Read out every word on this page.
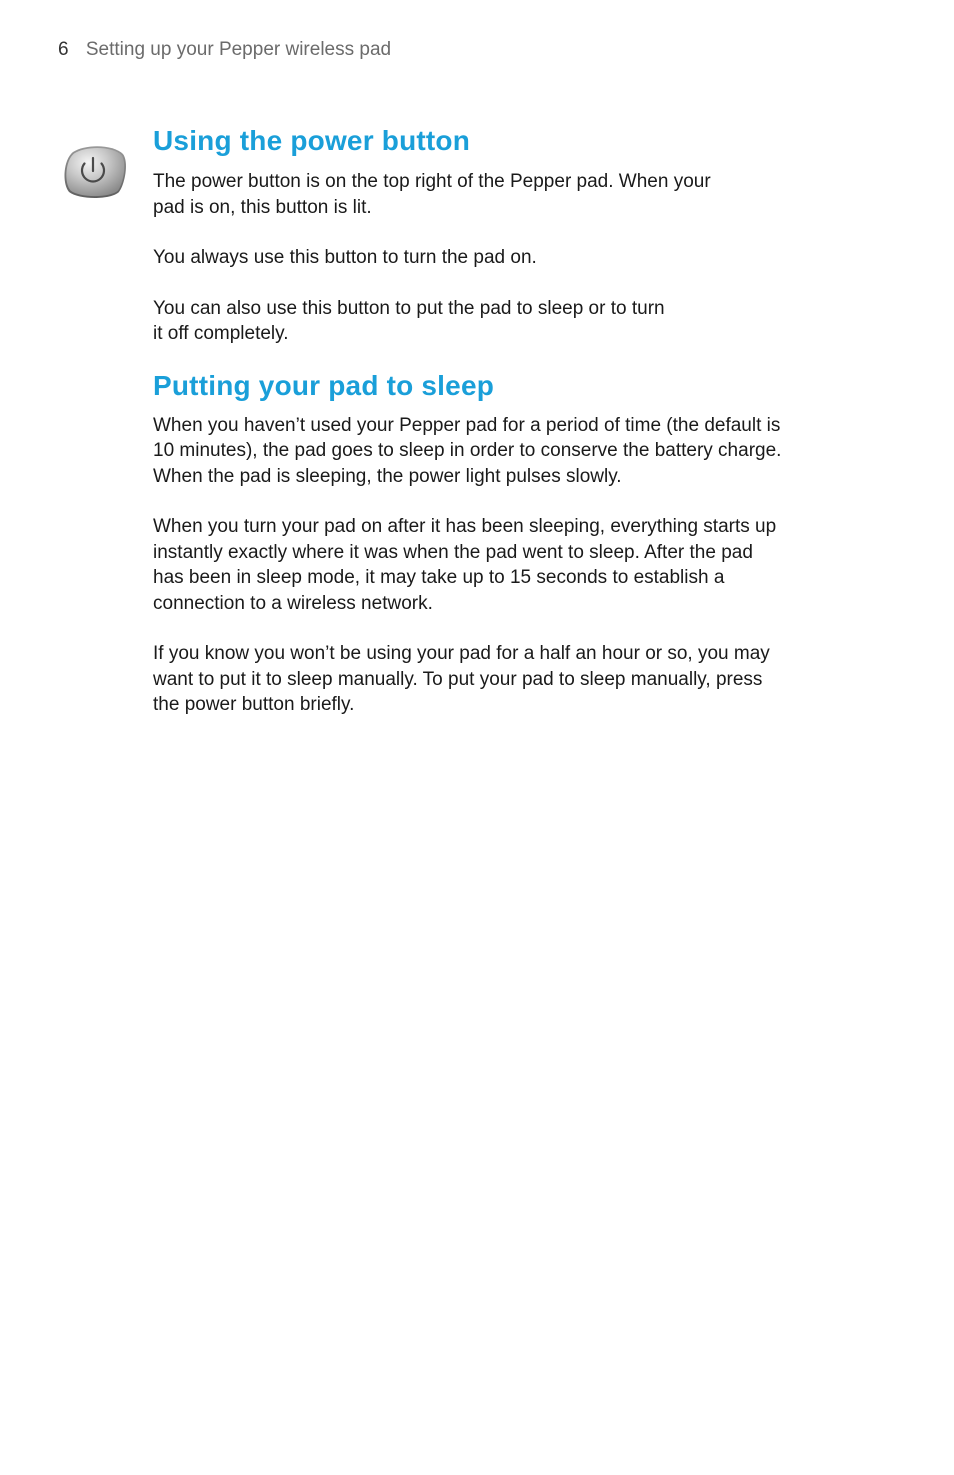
6 Setting up your Pepper wireless pad
Using the power button

The power button is on the top right of the Pepper pad. When your
pad is on, this button is lit.

You always use this button to turn the pad on.

You can also use this button to put the pad to sleep or to turn
it off completely.

Putting your pad to sleep

When you haven’t used your Pepper pad for a period of time (the default is
10 minutes), the pad goes to sleep in order to conserve the battery charge.
When the pad is sleeping, the power light pulses slowly.

When you turn your pad on after it has been sleeping, everything starts up
instantly exactly where it was when the pad went to sleep. After the pad
has been in sleep mode, it may take up to 15 seconds to establish a
connection to a wireless network.

If you know you won’t be using your pad for a half an hour or so, you may
want to put it to sleep manually. To put your pad to sleep manually, press
the power button briefly.
